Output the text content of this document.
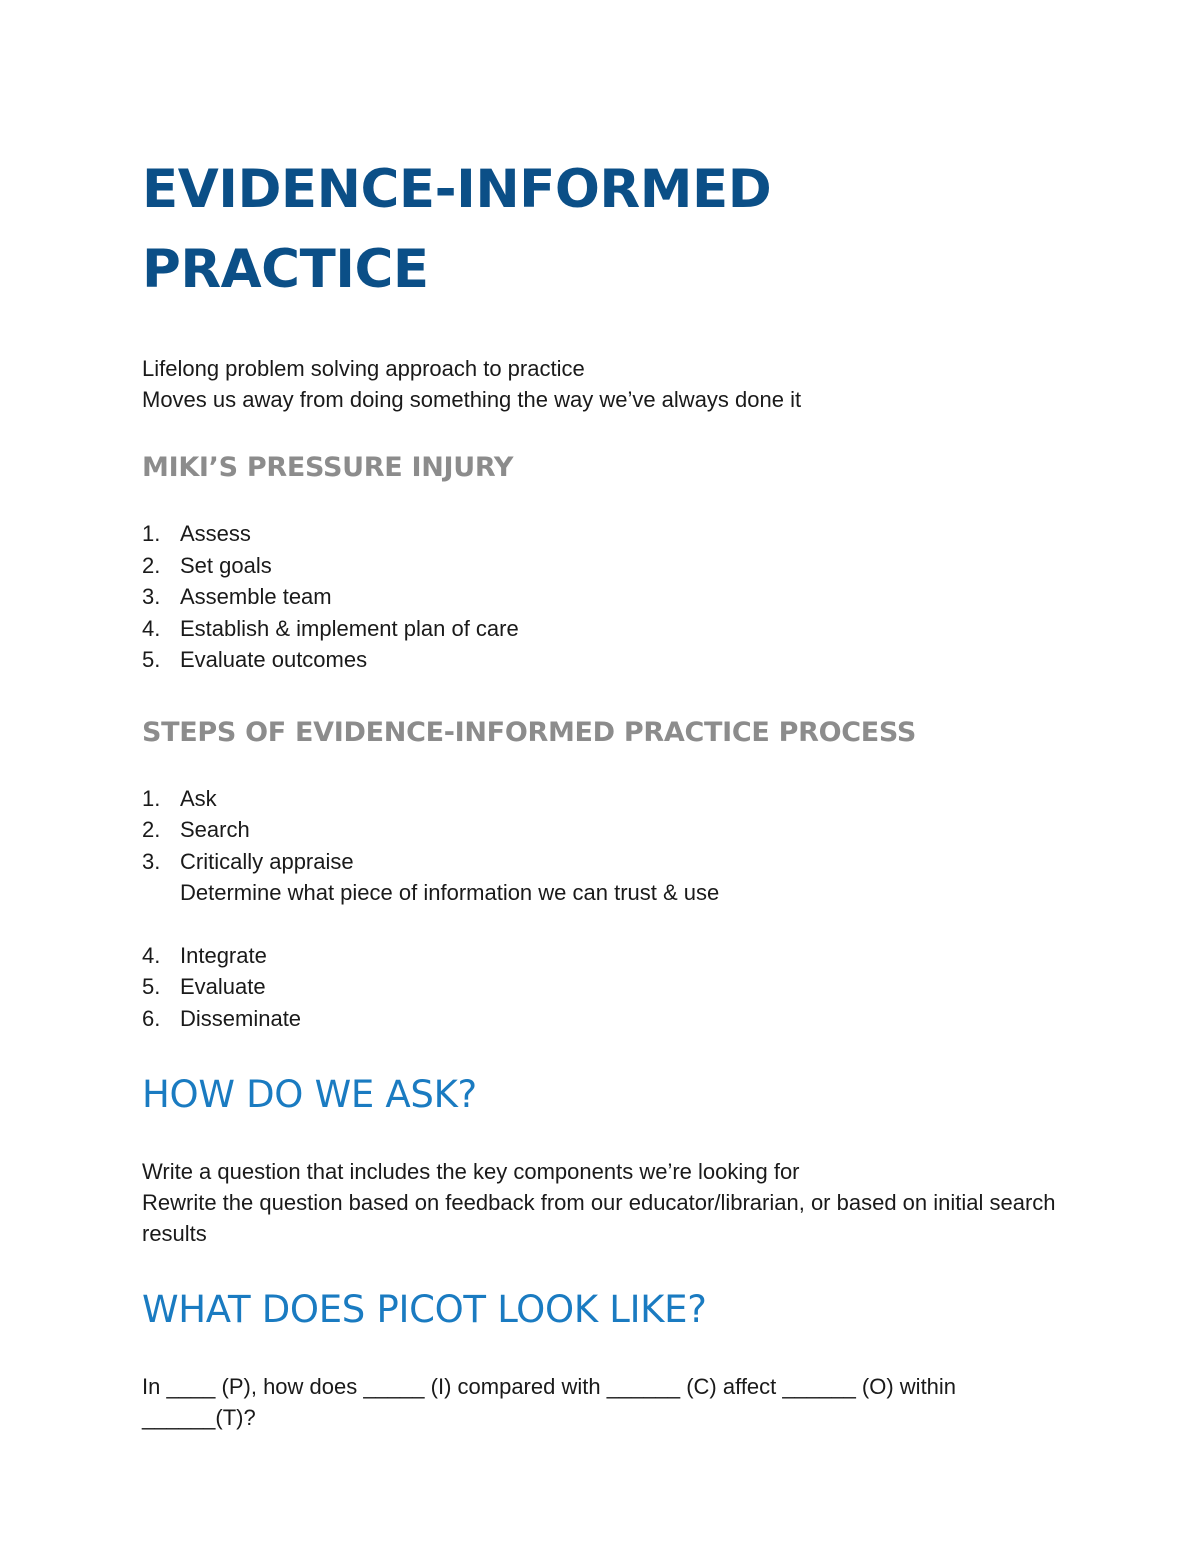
EVIDENCE-INFORMED
PRACTICE
Lifelong problem solving approach to practice
Moves us away from doing something the way we’ve always done it
MIKI’S PRESSURE INJURY
1. Assess
2. Set goals
3. Assemble team
4. Establish & implement plan of care
5. Evaluate outcomes
STEPS OF EVIDENCE-INFORMED PRACTICE PROCESS
1. Ask
2. Search
3. Critically appraise
Determine what piece of information we can trust & use
4. Integrate
5. Evaluate
6. Disseminate
HOW DO WE ASK?
Write a question that includes the key components we’re looking for
Rewrite the question based on feedback from our educator/librarian, or based on initial search results
WHAT DOES PICOT LOOK LIKE?
In ____ (P), how does _____ (I) compared with ______ (C) affect ______ (O) within ______(T)?
